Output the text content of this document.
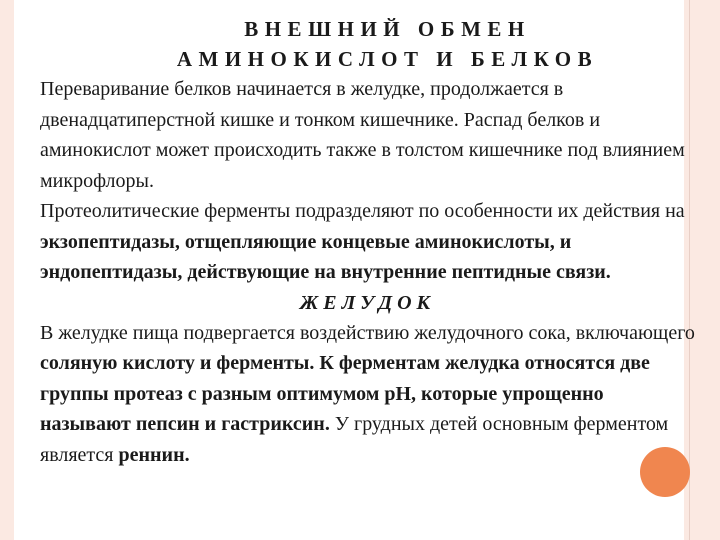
ВНЕШНИЙ ОБМЕН
АМИНОКИСЛОТ И БЕЛКОВ

Переваривание белков начинается в желудке, продолжается в двенадцатиперстной кишке и тонком кишечнике. Распад белков и аминокислот может происходить также в толстом кишечнике под влиянием микрофлоры.

Протеолитические ферменты подразделяют по особенности их действия на экзопептидазы, отщепляющие концевые аминокислоты, и эндопептидазы, действующие на внутренние пептидные связи.

ЖЕЛУДОК

В желудке пища подвергается воздействию желудочного сока, включающего соляную кислоту и ферменты. К ферментам желудка относятся две группы протеаз с разным оптимумом рН, которые упрощенно называют пепсин и гастриксин. У грудных детей основным ферментом является реннин.
